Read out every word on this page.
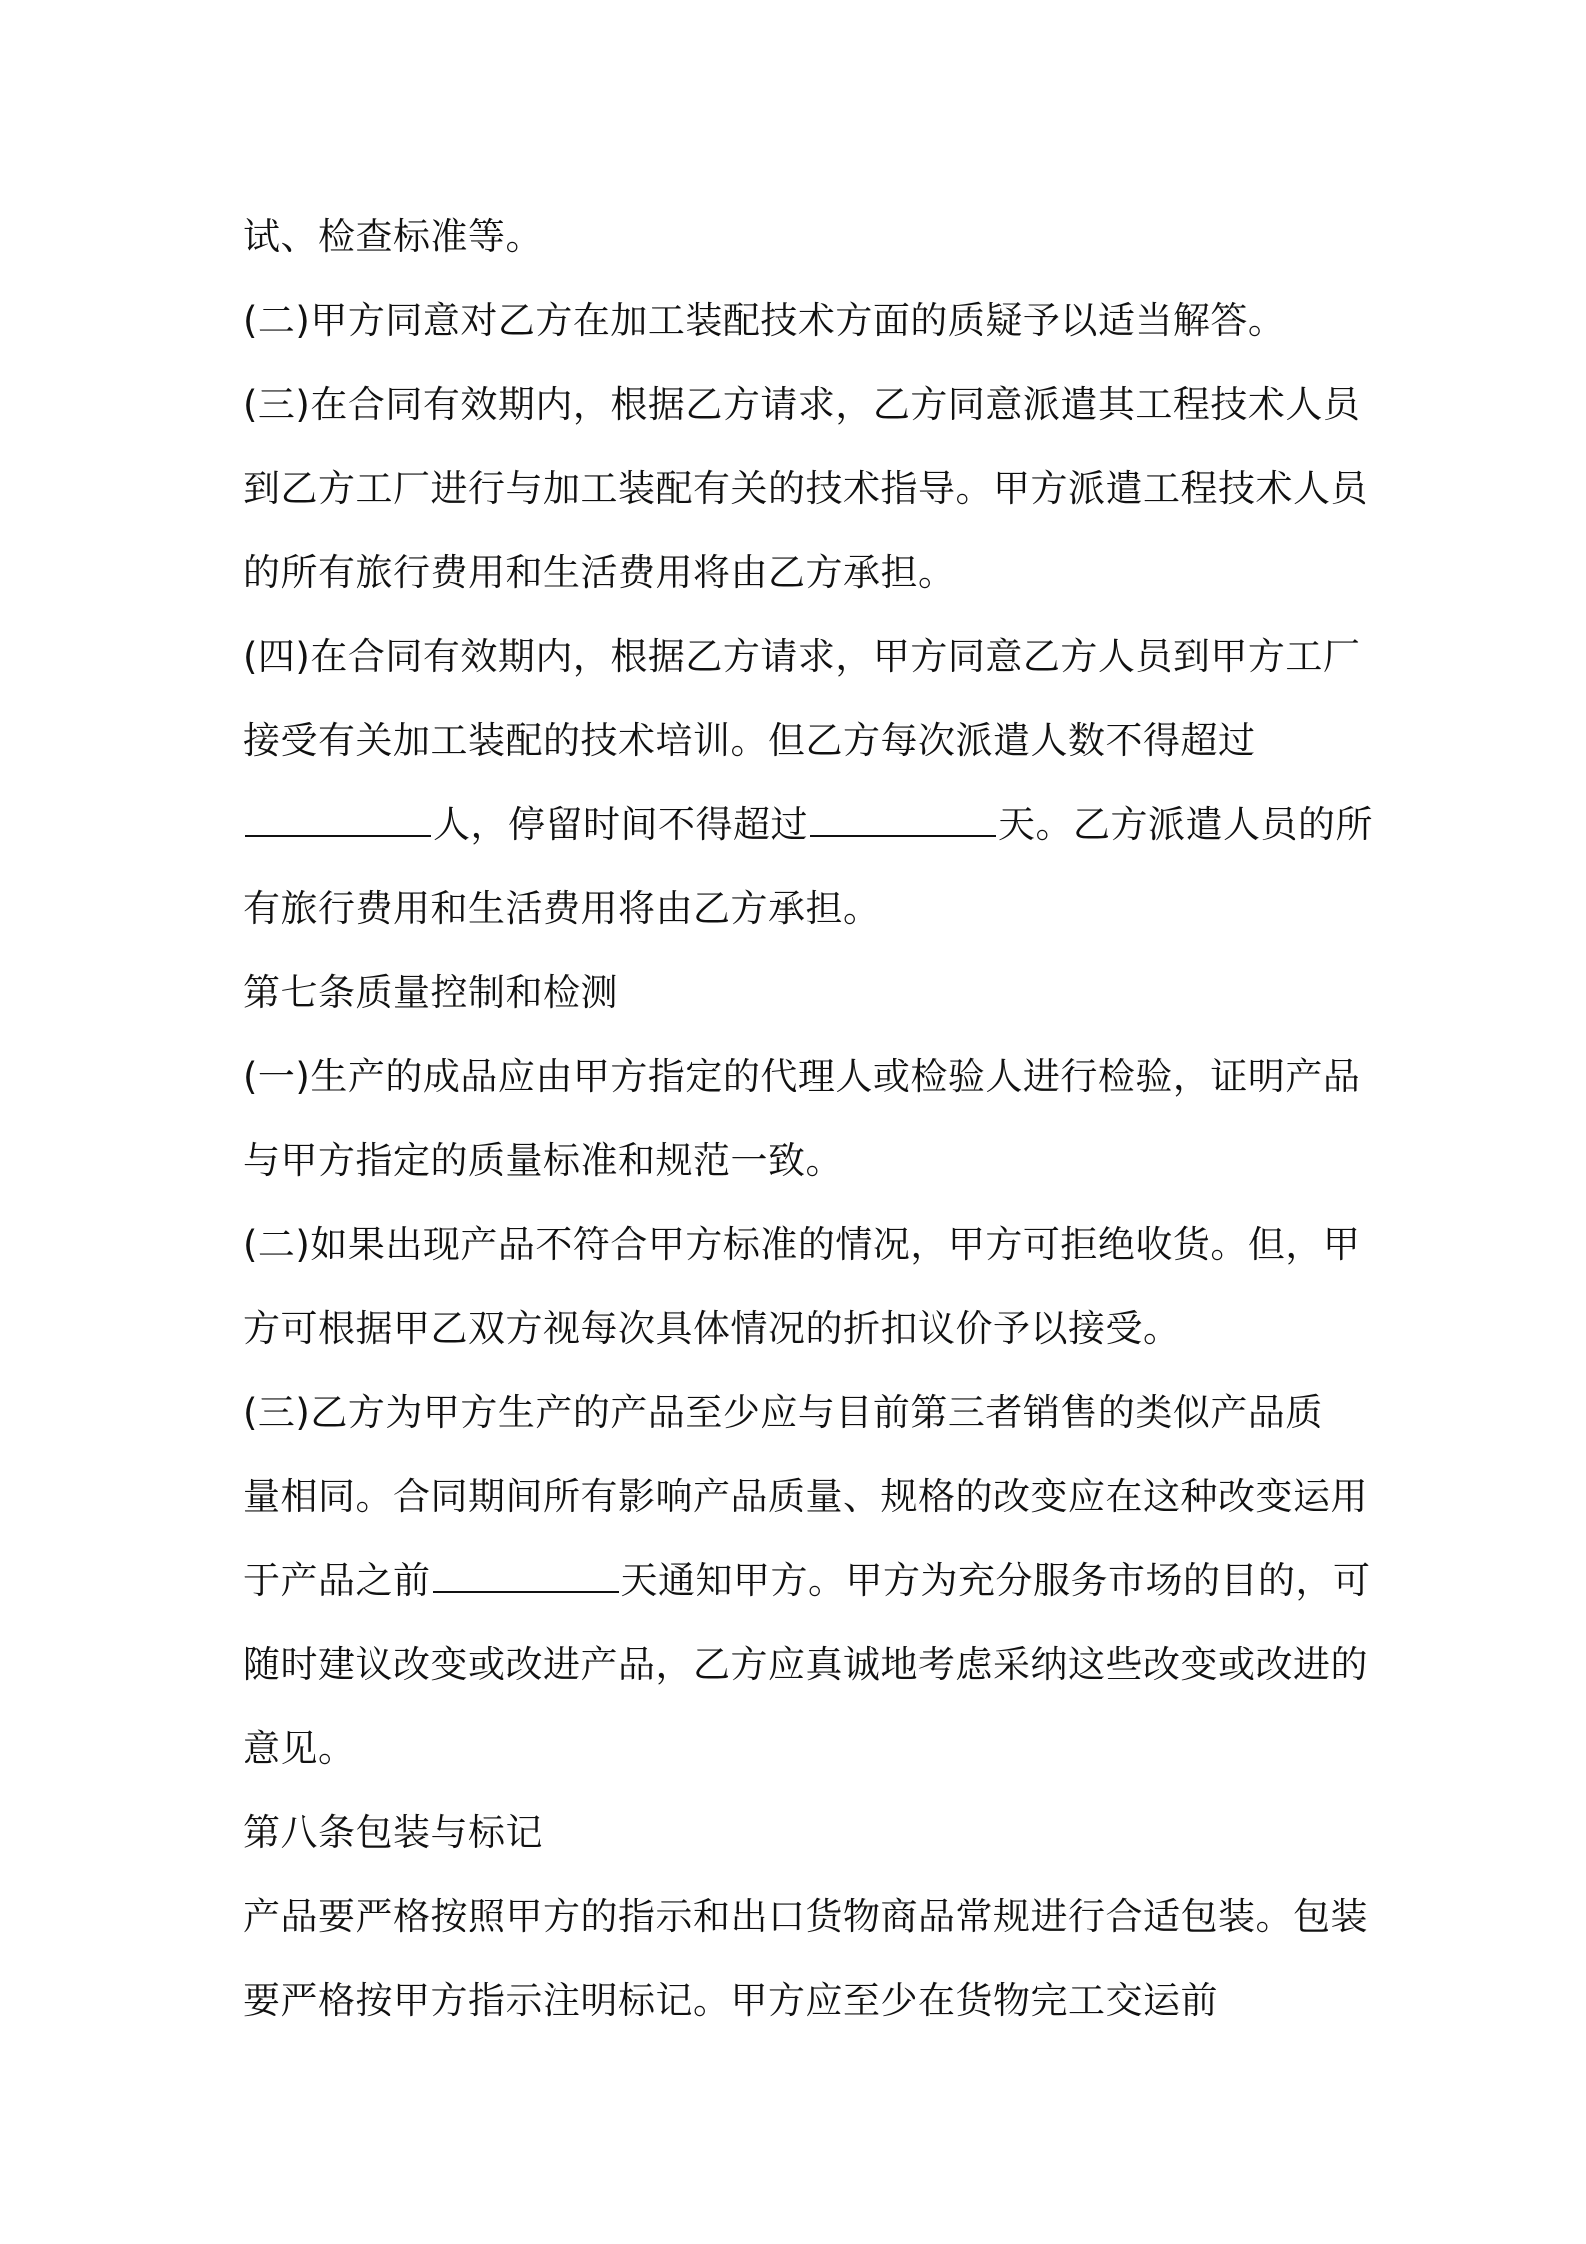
试、检查标准等。
(二)甲方同意对乙方在加工装配技术方面的质疑予以适当解答。
(三)在合同有效期内，根据乙方请求，乙方同意派遣其工程技术人员
到乙方工厂进行与加工装配有关的技术指导。甲方派遣工程技术人员
的所有旅行费用和生活费用将由乙方承担。
(四)在合同有效期内，根据乙方请求，甲方同意乙方人员到甲方工厂
接受有关加工装配的技术培训。但乙方每次派遣人数不得超过
人，停留时间不得超过	天。乙方派遣人员的所
有旅行费用和生活费用将由乙方承担。
第七条质量控制和检测
(一)生产的成品应由甲方指定的代理人或检验人进行检验，证明产品
与甲方指定的质量标准和规范一致。
(二)如果出现产品不符合甲方标准的情况，甲方可拒绝收货。但，甲
方可根据甲乙双方视每次具体情况的折扣议价予以接受。
(三)乙方为甲方生产的产品至少应与目前第三者销售的类似产品质
量相同。合同期间所有影响产品质量、规格的改变应在这种改变运用
于产品之前	天通知甲方。甲方为充分服务市场的目的，可
随时建议改变或改进产品，乙方应真诚地考虑采纳这些改变或改进的
意见。
第八条包装与标记
产品要严格按照甲方的指示和出口货物商品常规进行合适包装。包装
要严格按甲方指示注明标记。甲方应至少在货物完工交运前
